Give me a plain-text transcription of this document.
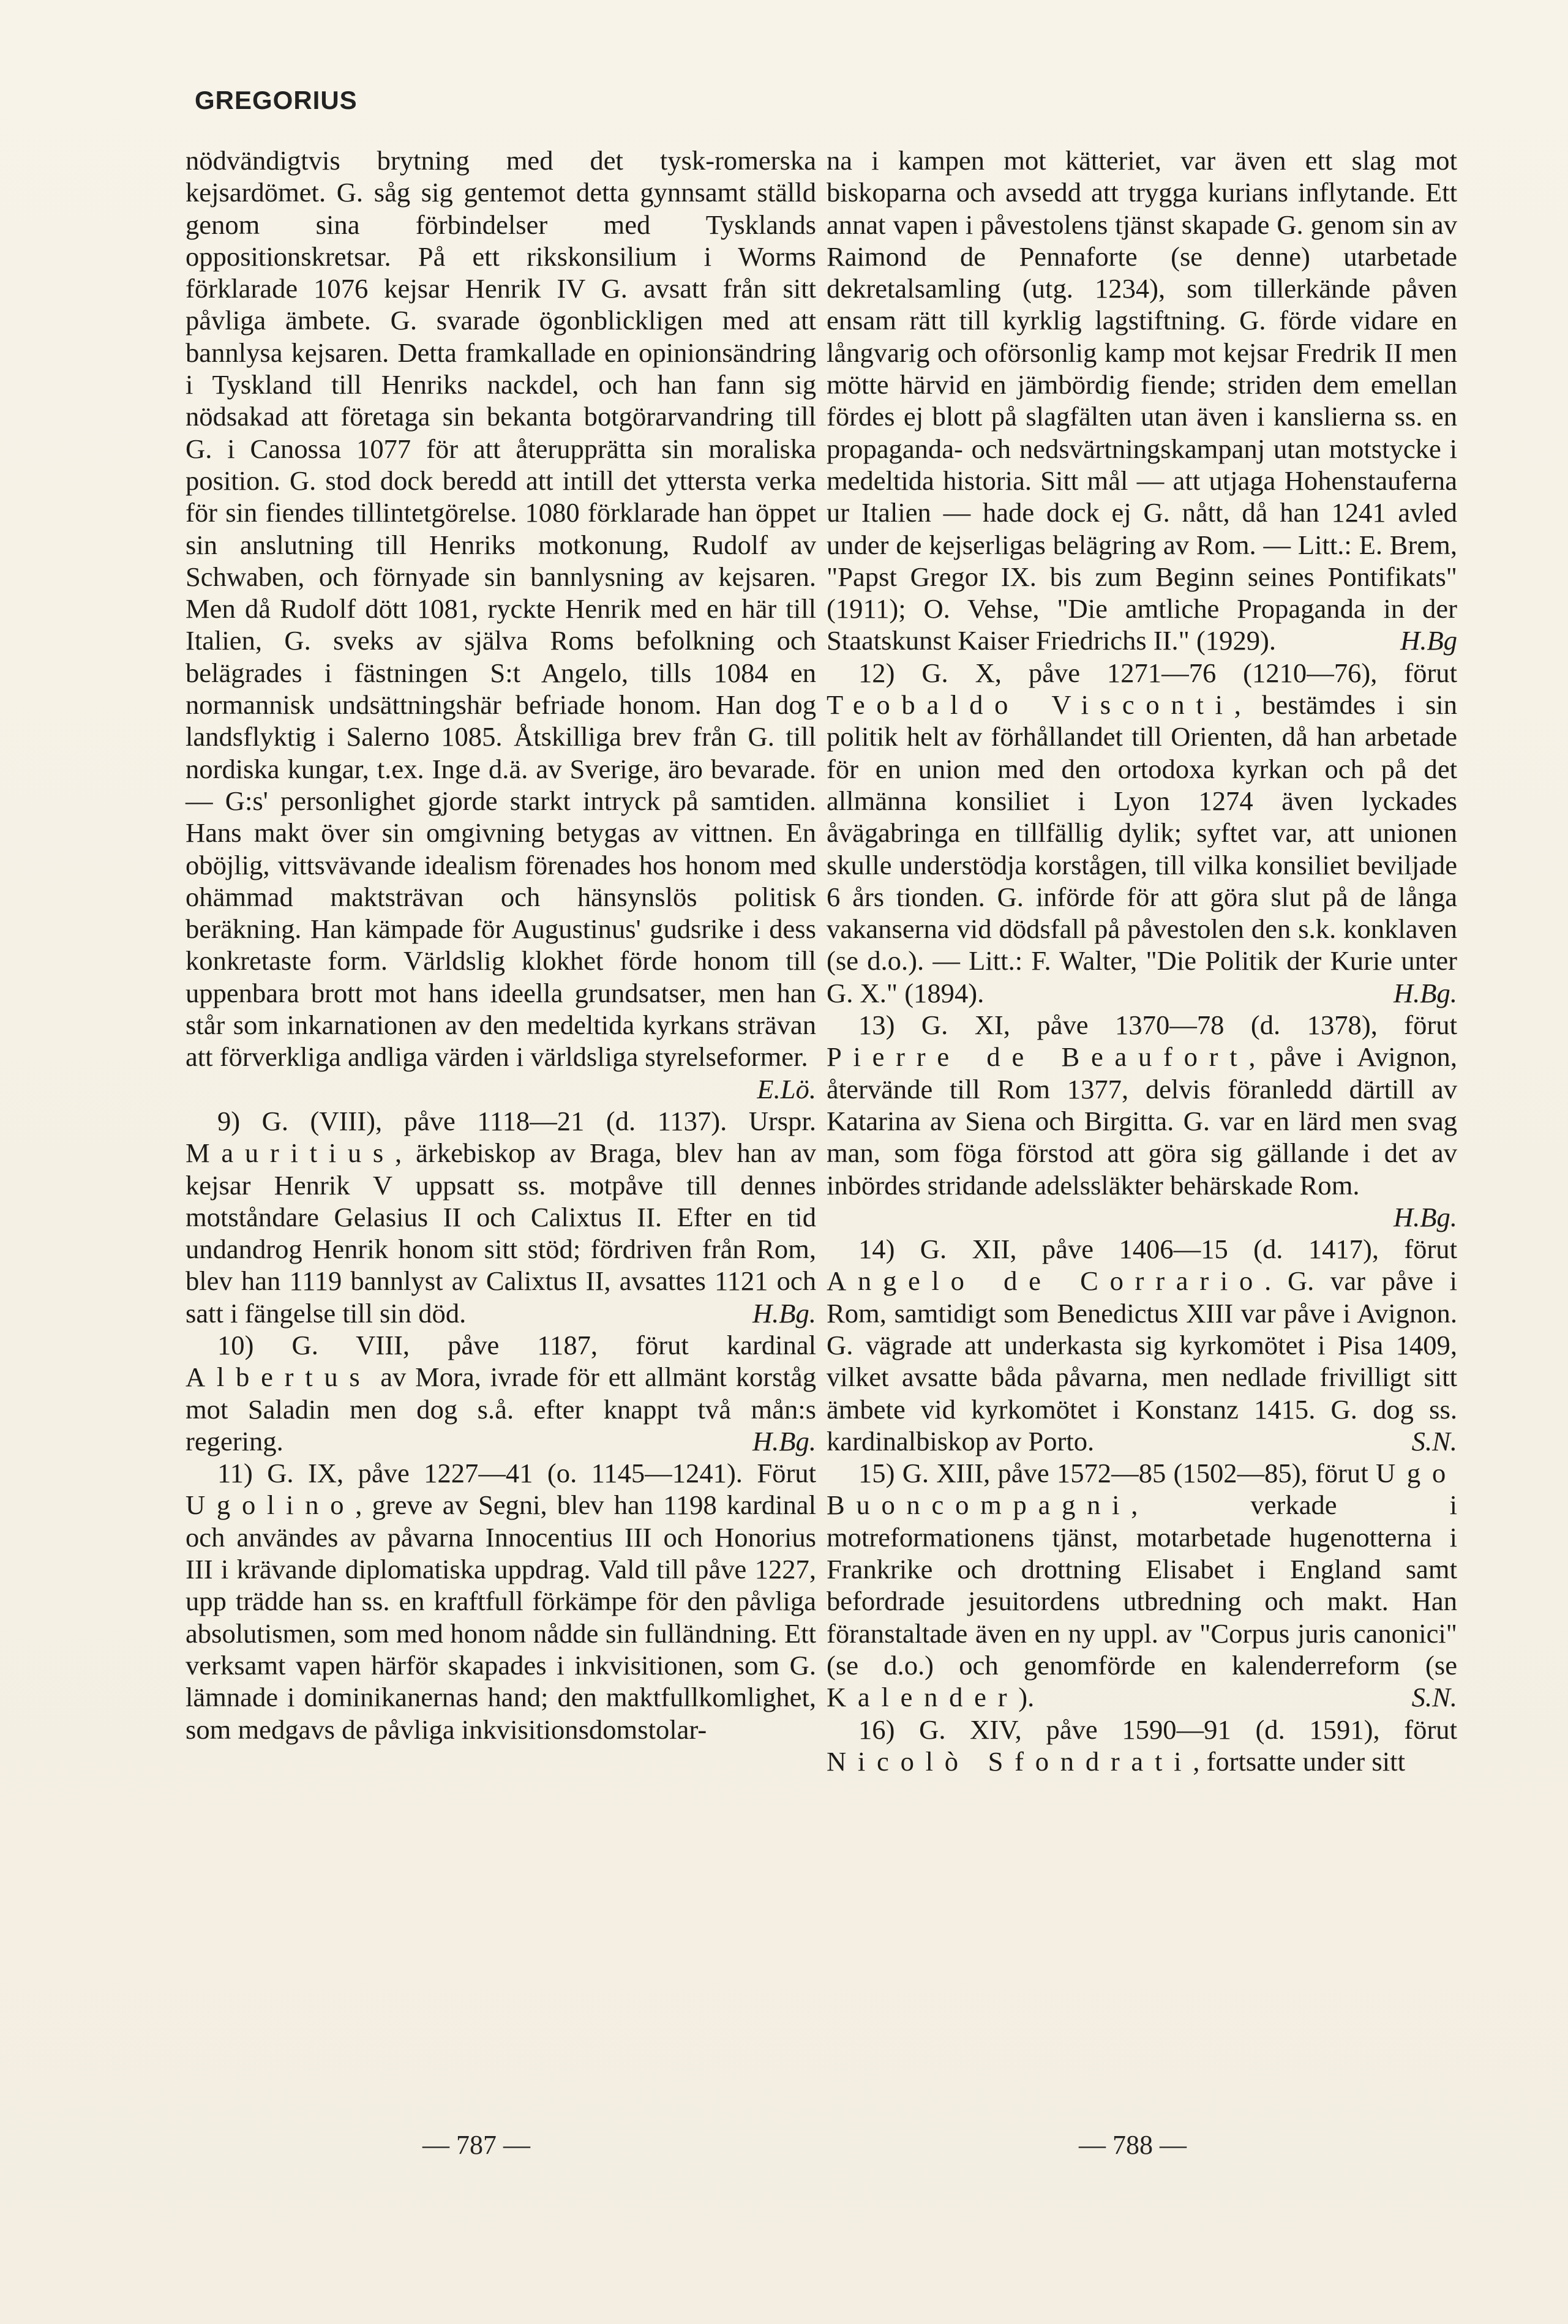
GREGORIUS

nödvändigtvis brytning med det tysk-romerska kejsardömet. G. såg sig gentemot detta gynnsamt ställd genom sina förbindelser med Tysklands oppositionskretsar. På ett rikskonsilium i Worms förklarade 1076 kejsar Henrik IV G. avsatt från sitt påvliga ämbete. G. svarade ögonblickligen med att bannlysa kejsaren. Detta framkallade en opinionsändring i Tyskland till Henriks nackdel, och han fann sig nödsakad att företaga sin bekanta botgörarvandring till G. i Canossa 1077 för att återupprätta sin moraliska position. G. stod dock beredd att intill det yttersta verka för sin fiendes tillintetgörelse. 1080 förklarade han öppet sin anslutning till Henriks motkonung, Rudolf av Schwaben, och förnyade sin bannlysning av kejsaren. Men då Rudolf dött 1081, ryckte Henrik med en här till Italien, G. sveks av själva Roms befolkning och belägrades i fästningen S:t Angelo, tills 1084 en normannisk undsättningshär befriade honom. Han dog landsflyktig i Salerno 1085. Åtskilliga brev från G. till nordiska kungar, t.ex. Inge d.ä. av Sverige, äro bevarade. — G:s' personlighet gjorde starkt intryck på samtiden. Hans makt över sin omgivning betygas av vittnen. En oböjlig, vittsvävande idealism förenades hos honom med ohämmad maktsträvan och hänsynslös politisk beräkning. Han kämpade för Augustinus' gudsrike i dess konkretaste form. Världslig klokhet förde honom till uppenbara brott mot hans ideella grundsatser, men han står som inkarnationen av den medeltida kyrkans strävan att förverkliga andliga värden i världsliga styrelseformer.
E.Lö.

9) G. (VIII), påve 1118—21 (d. 1137). Urspr. Mauritius, ärkebiskop av Braga, blev han av kejsar Henrik V uppsatt ss. motpåve till dennes motståndare Gelasius II och Calixtus II. Efter en tid undandrog Henrik honom sitt stöd; fördriven från Rom, blev han 1119 bannlyst av Calixtus II, avsattes 1121 och satt i fängelse till sin död.	H.Bg.

10) G. VIII, påve 1187, förut kardinal Albertus av Mora, ivrade för ett allmänt korståg mot Saladin men dog s.å. efter knappt två mån:s regering.	H.Bg.

11) G. IX, påve 1227—41 (o. 1145—1241). Förut Ugolino, greve av Segni, blev han 1198 kardinal och användes av påvarna Innocentius III och Honorius III i krävande diplomatiska uppdrag. Vald till påve 1227, upp trädde han ss. en kraftfull förkämpe för den påvliga absolutismen, som med honom nådde sin fulländning. Ett verksamt vapen härför skapades i inkvisitionen, som G. lämnade i dominikanernas hand; den maktfullkomlighet, som medgavs de påvliga inkvisitionsdomstolar-

na i kampen mot kätteriet, var även ett slag mot biskoparna och avsedd att trygga kurians inflytande. Ett annat vapen i påvestolens tjänst skapade G. genom sin av Raimond de Pennaforte (se denne) utarbetade dekretalsamling (utg. 1234), som tillerkände påven ensam rätt till kyrklig lagstiftning. G. förde vidare en långvarig och oförsonlig kamp mot kejsar Fredrik II men mötte härvid en jämbördig fiende; striden dem emellan fördes ej blott på slagfälten utan även i kanslierna ss. en propaganda- och nedsvärtningskampanj utan motstycke i medeltida historia. Sitt mål — att utjaga Hohenstauferna ur Italien — hade dock ej G. nått, då han 1241 avled under de kejserligas belägring av Rom. — Litt.: E. Brem, "Papst Gregor IX. bis zum Beginn seines Pontifikats" (1911); O. Vehse, "Die amtliche Propaganda in der Staatskunst Kaiser Friedrichs II." (1929).	H.Bg

12) G. X, påve 1271—76 (1210—76), förut Teobaldo Visconti, bestämdes i sin politik helt av förhållandet till Orienten, då han arbetade för en union med den ortodoxa kyrkan och på det allmänna konsiliet i Lyon 1274 även lyckades åvägabringa en tillfällig dylik; syftet var, att unionen skulle understödja korstågen, till vilka konsiliet beviljade 6 års tionden. G. införde för att göra slut på de långa vakanserna vid dödsfall på påvestolen den s.k. konklaven (se d.o.). — Litt.: F. Walter, "Die Politik der Kurie unter G. X." (1894).	H.Bg.

13) G. XI, påve 1370—78 (d. 1378), förut Pierre de Beaufort, påve i Avignon, återvände till Rom 1377, delvis föranledd därtill av Katarina av Siena och Birgitta. G. var en lärd men svag man, som föga förstod att göra sig gällande i det av inbördes stridande adelssläkter behärskade Rom.
H.Bg.

14) G. XII, påve 1406—15 (d. 1417), förut Angelo de Corrario. G. var påve i Rom, samtidigt som Benedictus XIII var påve i Avignon. G. vägrade att underkasta sig kyrkomötet i Pisa 1409, vilket avsatte båda påvarna, men nedlade frivilligt sitt ämbete vid kyrkomötet i Konstanz 1415. G. dog ss. kardinalbiskop av Porto.	S.N.

15) G. XIII, påve 1572—85 (1502—85), förut Ugo Buoncompagni, verkade i motreformationens tjänst, motarbetade hugenotterna i Frankrike och drottning Elisabet i England samt befordrade jesuitordens utbredning och makt. Han föranstaltade även en ny uppl. av "Corpus juris canonici" (se d.o.) och genomförde en kalenderreform (se Kalender).	S.N.

16) G. XIV, påve 1590—91 (d. 1591), förut Nicolò Sfondrati, fortsatte under sitt

— 787 —	— 788 —
